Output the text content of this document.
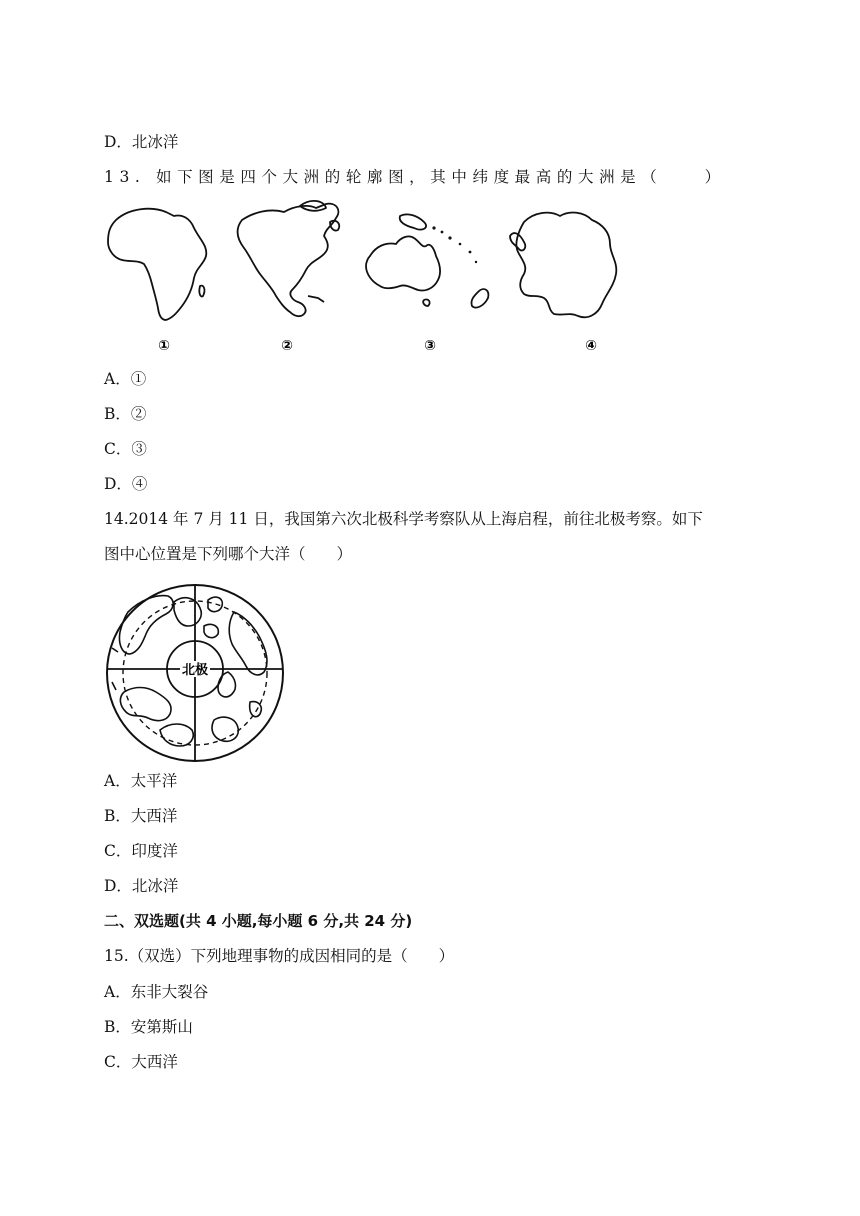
D．北冰洋
13. 如下图是四个大洲的轮廓图，其中纬度最高的大洲是（　　）
①	②	③	④
A．①
B．②
C．③
D．④
14.2014 年 7 月 11 日，我国第六次北极科学考察队从上海启程，前往北极考察。如下
图中心位置是下列哪个大洋（　　）
北极
A．太平洋
B．大西洋
C．印度洋
D．北冰洋
二、双选题(共 4 小题,每小题 6 分,共 24 分)
15.（双选）下列地理事物的成因相同的是（　　）
A．东非大裂谷
B．安第斯山
C．大西洋
